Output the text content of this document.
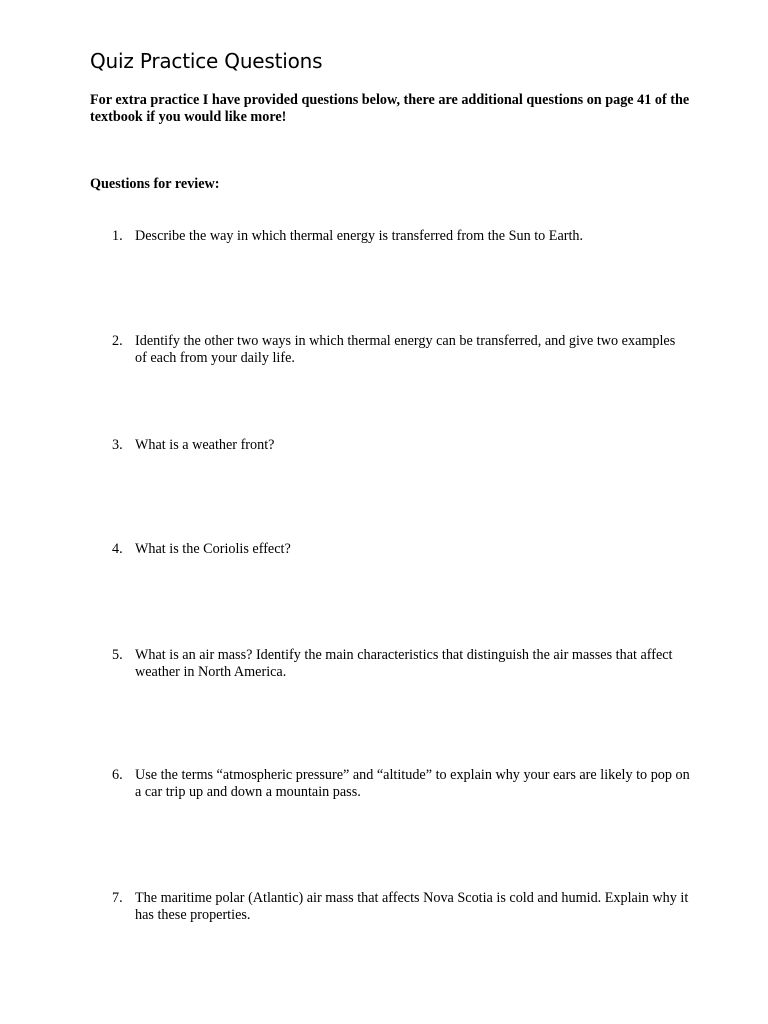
Quiz Practice Questions

For extra practice I have provided questions below, there are additional questions on page 41 of the textbook if you would like more!

Questions for review:

1. Describe the way in which thermal energy is transferred from the Sun to Earth.
2. Identify the other two ways in which thermal energy can be transferred, and give two examples of each from your daily life.
3. What is a weather front?
4. What is the Coriolis effect?
5. What is an air mass? Identify the main characteristics that distinguish the air masses that affect weather in North America.
6. Use the terms “atmospheric pressure” and “altitude” to explain why your ears are likely to pop on a car trip up and down a mountain pass.
7. The maritime polar (Atlantic) air mass that affects Nova Scotia is cold and humid. Explain why it has these properties.
